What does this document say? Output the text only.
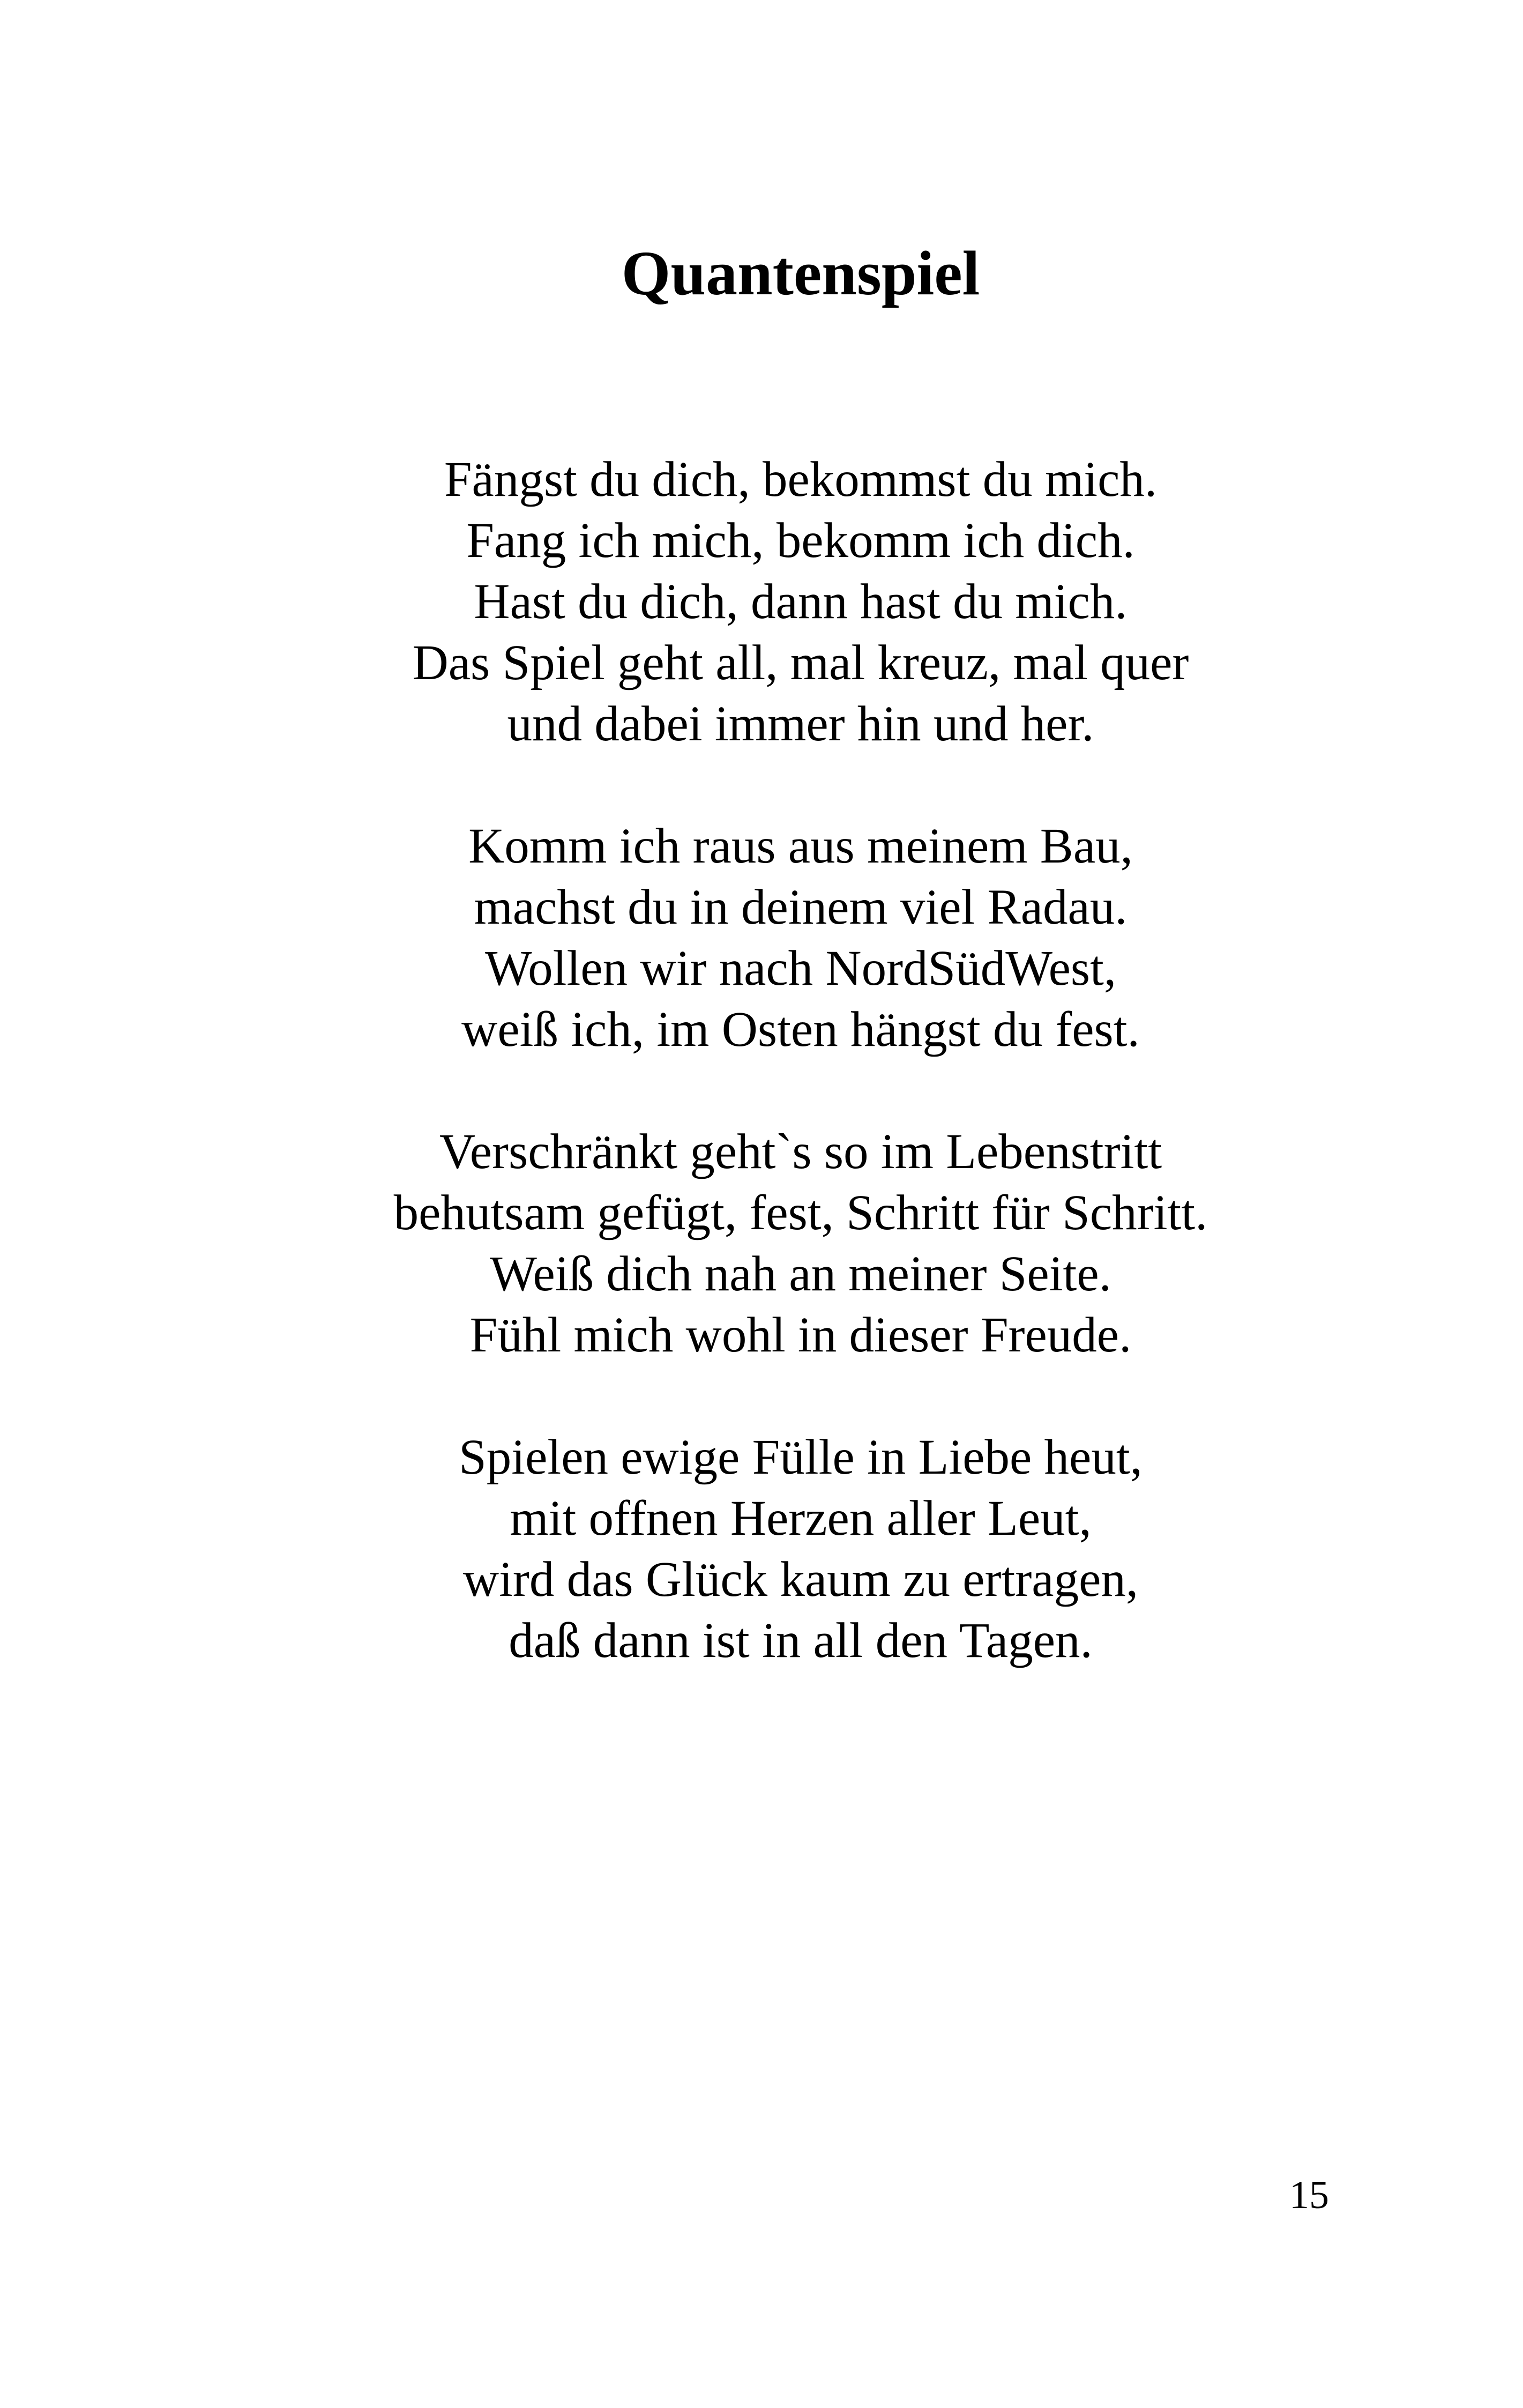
Quantenspiel
Fängst du dich, bekommst du mich.
Fang ich mich, bekomm ich dich.
Hast du dich, dann hast du mich.
Das Spiel geht all, mal kreuz, mal quer
und dabei immer hin und her.
Komm ich raus aus meinem Bau,
machst du in deinem viel Radau.
Wollen wir nach NordSüdWest,
weiß ich, im Osten hängst du fest.
Verschränkt geht`s so im Lebenstritt
behutsam gefügt, fest, Schritt für Schritt.
Weiß dich nah an meiner Seite.
Fühl mich wohl in dieser Freude.
Spielen ewige Fülle in Liebe heut,
mit offnen Herzen aller Leut,
wird das Glück kaum zu ertragen,
daß dann ist in all den Tagen.
15
